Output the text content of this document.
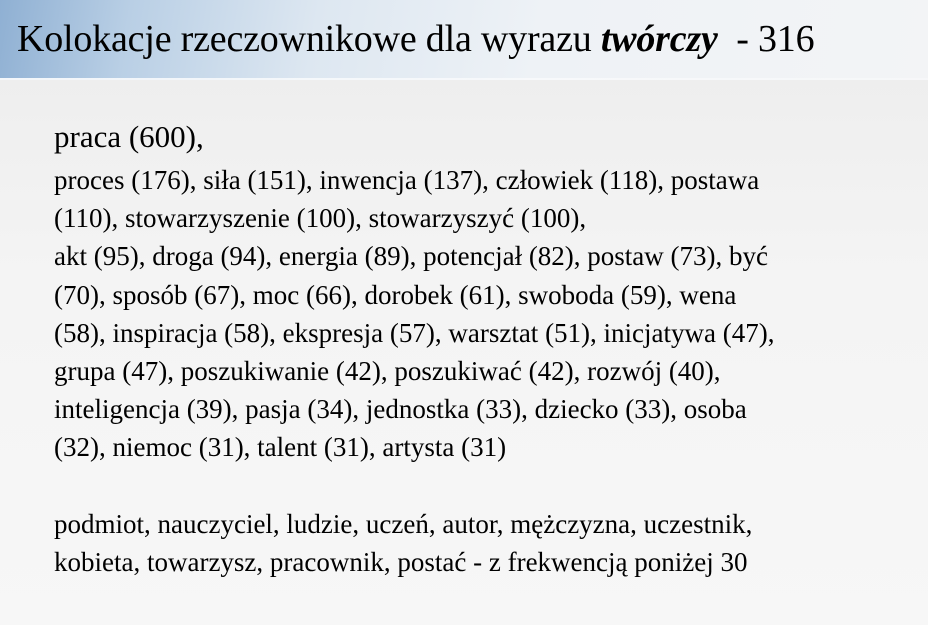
Kolokacje rzeczownikowe dla wyrazu twórczy  - 316
praca (600),
proces (176), siła (151), inwencja (137), człowiek (118), postawa
(110), stowarzyszenie (100), stowarzyszyć (100),
akt (95), droga (94), energia (89), potencjał (82), postaw (73), być
(70), sposób (67), moc (66), dorobek (61), swoboda (59), wena
(58), inspiracja (58), ekspresja (57), warsztat (51), inicjatywa (47),
grupa (47), poszukiwanie (42), poszukiwać (42), rozwój (40),
inteligencja (39), pasja (34), jednostka (33), dziecko (33), osoba
(32), niemoc (31), talent (31), artysta (31)
podmiot, nauczyciel, ludzie, uczeń, autor, mężczyzna, uczestnik,
kobieta, towarzysz, pracownik, postać - z frekwencją poniżej 30
